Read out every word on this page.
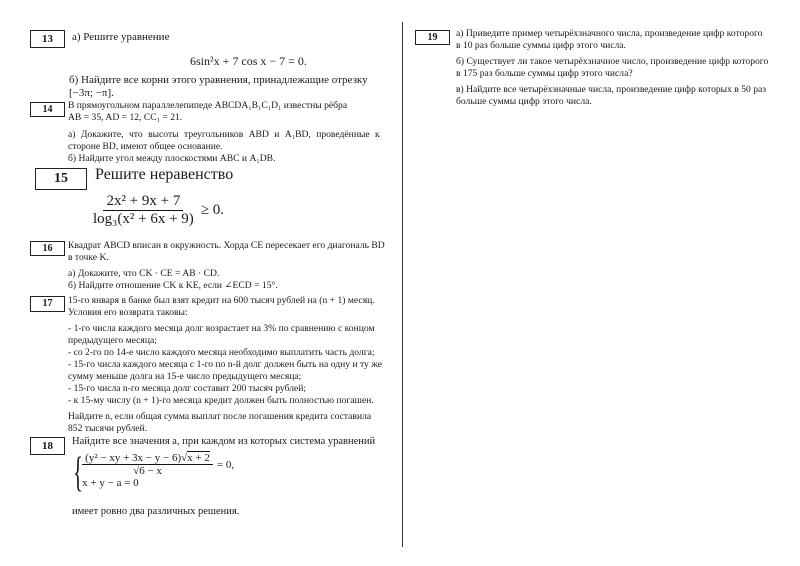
13	а) Решите уравнение
6sin²x + 7 cos x − 7 = 0.
б) Найдите все корни этого уравнения, принадлежащие отрезку
[−3π; −π].
14	В прямоугольном параллелепипеде ABCDA₁B₁C₁D₁ известны рёбра
AB = 35, AD = 12, CC₁ = 21.
а) Докажите, что высоты треугольников ABD и A₁BD, проведённые к
стороне BD, имеют общее основание.
б) Найдите угол между плоскостями ABC и A₁DB.
15	Решите неравенство
$\frac{\text{2x² + 9x + 7}}{\text{log₃(x² + 6x + 9)}} \ge 0$.
16	Квадрат ABCD вписан в окружность. Хорда CE пересекает его диагональ BD
в точке K.
а) Докажите, что CK · CE = AB · CD.
б) Найдите отношение CK к KE, если ∠ECD = 15°.
17	15-го января в банке был взят кредит на 600 тысяч рублей на (n + 1) месяц.
Условия его возврата таковы:
- 1-го числа каждого месяца долг возрастает на 3% по сравнению с концом
предыдущего месяца;
- со 2-го по 14-е число каждого месяца необходимо выплатить часть долга;
- 15-го числа каждого месяца с 1-го по n-й долг должен быть на одну и ту же
сумму меньше долга на 15-е число предыдущего месяца;
- 15-го числа n-го месяца долг составит 200 тысяч рублей;
- к 15-му числу (n + 1)-го месяца кредит должен быть полностью погашен.
Найдите n, если общая сумма выплат после погашения кредита составила
852 тысячи рублей.
18	Найдите все значения a, при каждом из которых система уравнений
{ $\frac{\text{(y² − xy + 3x − y − 6)√x + 2}}{√6 - x} = 0$,
x + y − a = 0
имеет ровно два различных решения.
19	а) Приведите пример четырёхзначного числа, произведение цифр которого
в 10 раз больше суммы цифр этого числа.
б) Существует ли такое четырёхзначное число, произведение цифр которого
в 175 раз больше суммы цифр этого числа?
в) Найдите все четырёхзначные числа, произведение цифр которых в 50 раз
больше суммы цифр этого числа.
